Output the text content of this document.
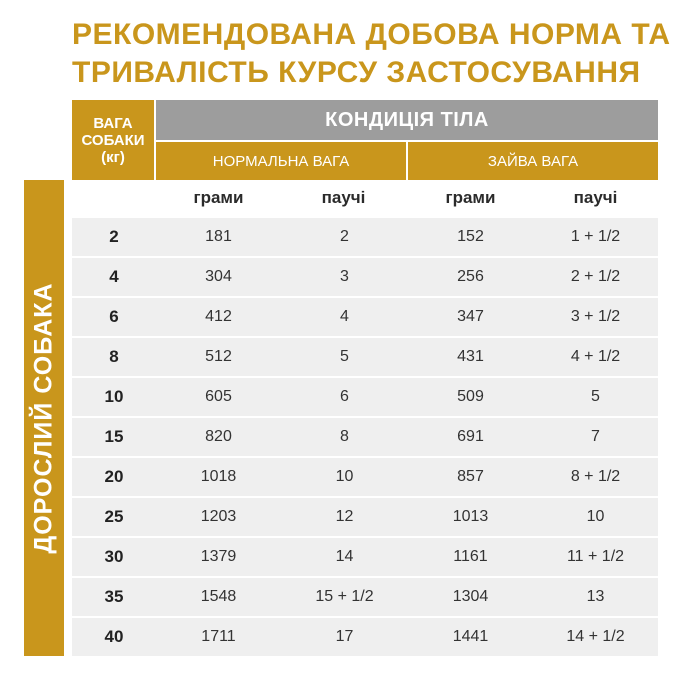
РЕКОМЕНДОВАНА ДОБОВА НОРМА ТА
ТРИВАЛІСТЬ КУРСУ ЗАСТОСУВАННЯ
ДОРОСЛИЙ СОБАКА
ВАГА
СОБАКИ
(кг)
КОНДИЦІЯ ТІЛА
НОРМАЛЬНА ВАГА	ЗАЙВА ВАГА
грами	паучі	грами	паучі
2	181	2	152	1 + 1/2
4	304	3	256	2 + 1/2
6	412	4	347	3 + 1/2
8	512	5	431	4 + 1/2
10	605	6	509	5
15	820	8	691	7
20	1018	10	857	8 + 1/2
25	1203	12	1013	10
30	1379	14	1161	11 + 1/2
35	1548	15 + 1/2	1304	13
40	1711	17	1441	14 + 1/2
